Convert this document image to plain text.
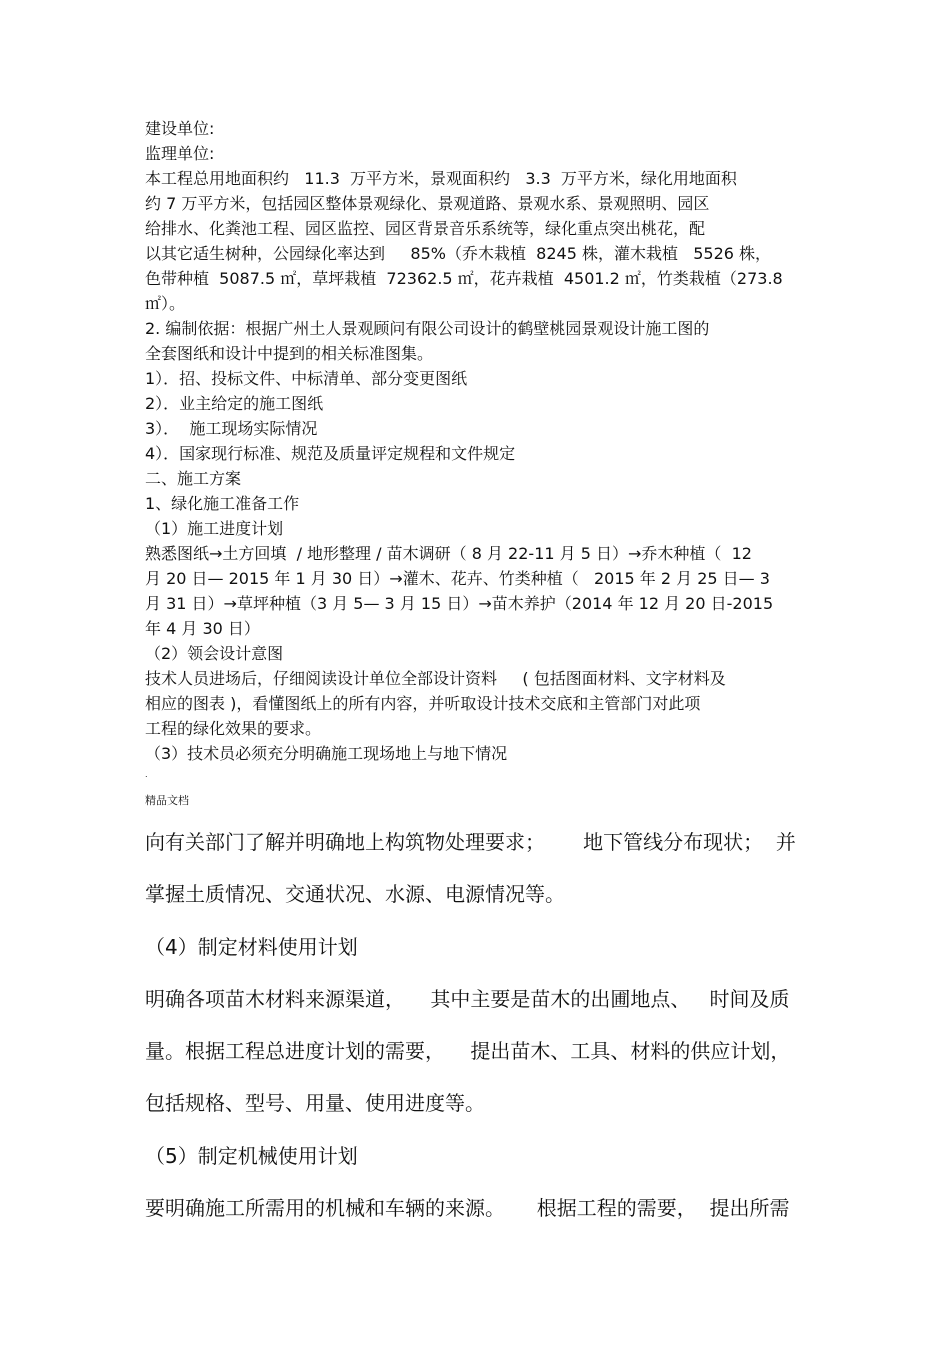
建设单位:
监理单位:
本工程总用地面积约   11.3  万平方米，景观面积约   3.3  万平方米，绿化用地面积
约 7 万平方米，包括园区整体景观绿化、景观道路、景观水系、景观照明、园区
给排水、化粪池工程、园区监控、园区背景音乐系统等，绿化重点突出桃花，配
以其它适生树种，公园绿化率达到     85%（乔木栽植  8245 株，灌木栽植   5526 株，
色带种植  5087.5 ㎡，草坪栽植  72362.5 ㎡，花卉栽植  4501.2 ㎡，竹类栽植（273.8
㎡）。
2. 编制依据：根据广州土人景观顾问有限公司设计的鹤壁桃园景观设计施工图的
全套图纸和设计中提到的相关标准图集。
1）．招、投标文件、中标清单、部分变更图纸
2）．业主给定的施工图纸
3）．  施工现场实际情况
4）．国家现行标准、规范及质量评定规程和文件规定
二、施工方案
1、绿化施工准备工作
（1）施工进度计划
熟悉图纸→土方回填  / 地形整理 / 苗木调研（ 8 月 22-11 月 5 日）→乔木种植（  12
月 20 日— 2015 年 1 月 30 日）→灌木、花卉、竹类种植（   2015 年 2 月 25 日— 3
月 31 日）→草坪种植（3 月 5— 3 月 15 日）→苗木养护（2014 年 12 月 20 日-2015
年 4 月 30 日）
（2）领会设计意图
技术人员进场后，仔细阅读设计单位全部设计资料     ( 包括图面材料、文字材料及
相应的图表 )，看懂图纸上的所有内容，并听取设计技术交底和主管部门对此项
工程的绿化效果的要求。
（3）技术员必须充分明确施工现场地上与地下情况
.
精品文档
向有关部门了解并明确地上构筑物处理要求；      地下管线分布现状；  并
掌握土质情况、交通状况、水源、电源情况等。
（4）制定材料使用计划
明确各项苗木材料来源渠道，    其中主要是苗木的出圃地点、   时间及质
量。根据工程总进度计划的需要，    提出苗木、工具、材料的供应计划，
包括规格、型号、用量、使用进度等。
（5）制定机械使用计划
要明确施工所需用的机械和车辆的来源。     根据工程的需要，  提出所需
